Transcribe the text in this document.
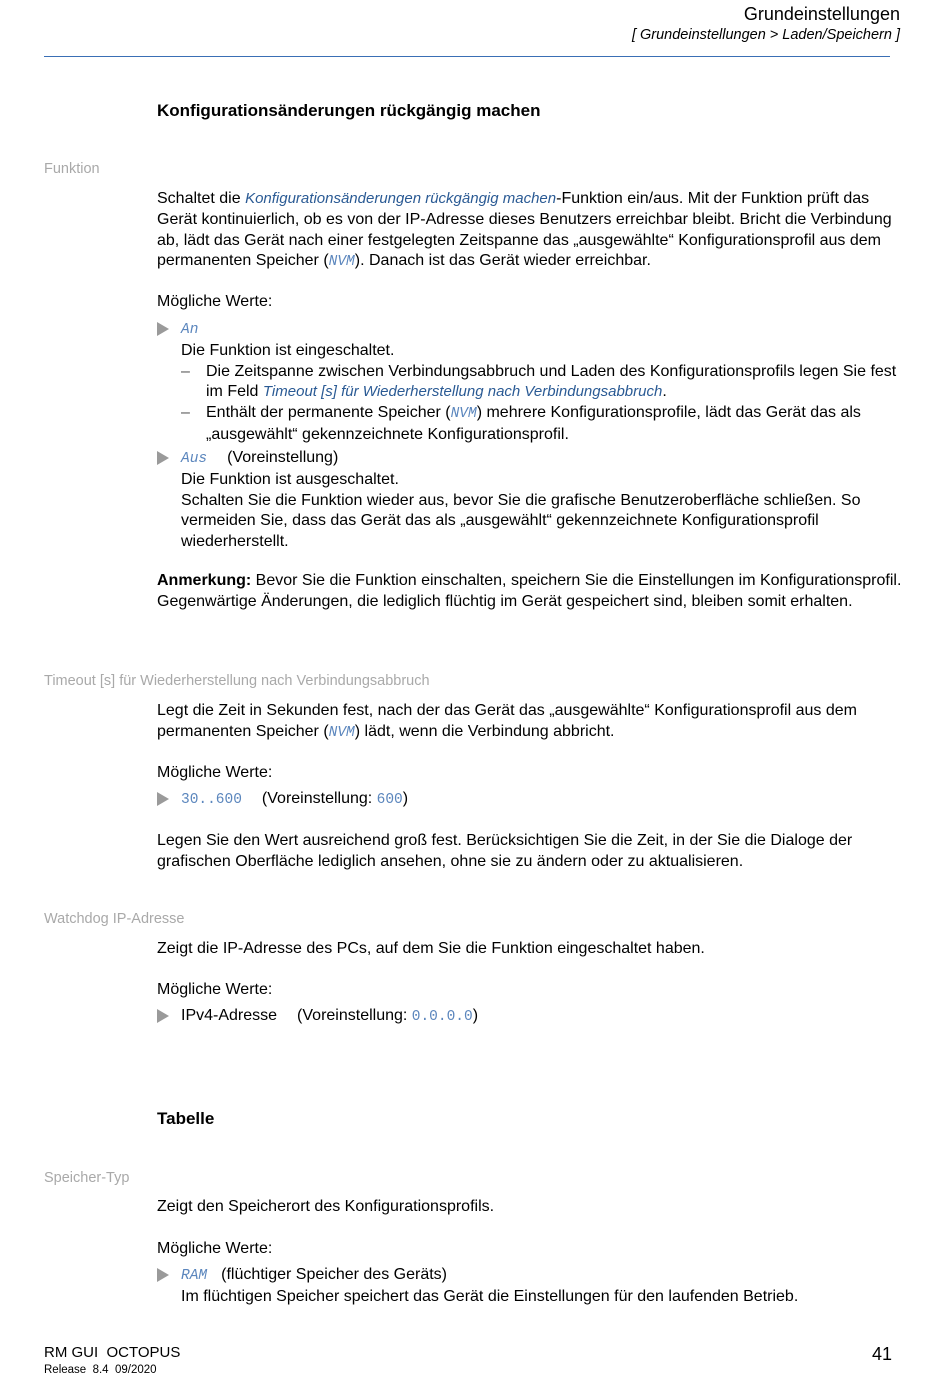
Grundeinstellungen
[ Grundeinstellungen > Laden/Speichern ]
Konfigurationsänderungen rückgängig machen
Funktion

Schaltet die Konfigurationsänderungen rückgängig machen-Funktion ein/aus. Mit der Funktion prüft das Gerät kontinuierlich, ob es von der IP-Adresse dieses Benutzers erreichbar bleibt. Bricht die Verbindung ab, lädt das Gerät nach einer festgelegten Zeitspanne das „ausgewählte“ Konfigurationsprofil aus dem permanenten Speicher (NVM). Danach ist das Gerät wieder erreichbar.

Mögliche Werte:
An
Die Funktion ist eingeschaltet.
– Die Zeitspanne zwischen Verbindungsabbruch und Laden des Konfigurationsprofils legen Sie fest im Feld Timeout [s] für Wiederherstellung nach Verbindungsabbruch.
– Enthält der permanente Speicher (NVM) mehrere Konfigurationsprofile, lädt das Gerät das als „ausgewählt“ gekennzeichnete Konfigurationsprofil.
Aus (Voreinstellung)
Die Funktion ist ausgeschaltet.
Schalten Sie die Funktion wieder aus, bevor Sie die grafische Benutzeroberfläche schließen. So vermeiden Sie, dass das Gerät das als „ausgewählt“ gekennzeichnete Konfigurationsprofil wiederherstellt.

Anmerkung: Bevor Sie die Funktion einschalten, speichern Sie die Einstellungen im Konfigurationsprofil. Gegenwärtige Änderungen, die lediglich flüchtig im Gerät gespeichert sind, bleiben somit erhalten.

Timeout [s] für Wiederherstellung nach Verbindungsabbruch

Legt die Zeit in Sekunden fest, nach der das Gerät das „ausgewählte“ Konfigurationsprofil aus dem permanenten Speicher (NVM) lädt, wenn die Verbindung abbricht.

Mögliche Werte:
30..600 (Voreinstellung: 600)
Legen Sie den Wert ausreichend groß fest. Berücksichtigen Sie die Zeit, in der Sie die Dialoge der grafischen Oberfläche lediglich ansehen, ohne sie zu ändern oder zu aktualisieren.
Watchdog IP-Adresse
Zeigt die IP-Adresse des PCs, auf dem Sie die Funktion eingeschaltet haben.
Mögliche Werte:
IPv4-Adresse (Voreinstellung: 0.0.0.0)
Tabelle
Speicher-Typ
Zeigt den Speicherort des Konfigurationsprofils.
Mögliche Werte:
RAM (flüchtiger Speicher des Geräts)
Im flüchtigen Speicher speichert das Gerät die Einstellungen für den laufenden Betrieb.
RM GUI  OCTOPUS
Release  8.4  09/2020
41
